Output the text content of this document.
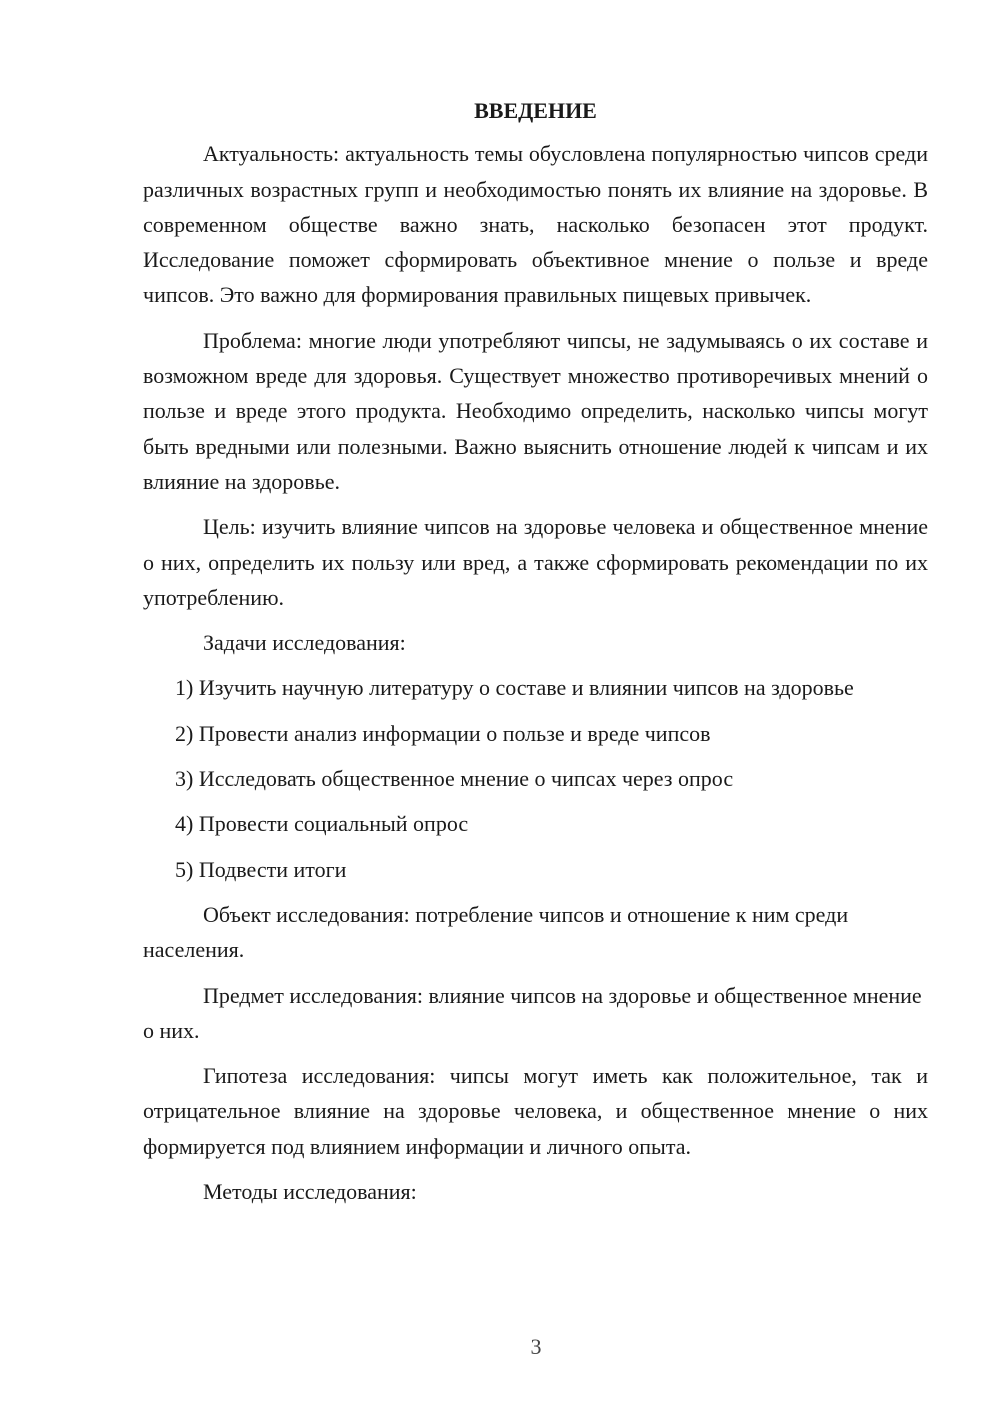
ВВЕДЕНИЕ
Актуальность: актуальность темы обусловлена популярностью чипсов среди различных возрастных групп и необходимостью понять их влияние на здоровье. В современном обществе важно знать, насколько безопасен этот продукт. Исследование поможет сформировать объективное мнение о пользе и вреде чипсов. Это важно для формирования правильных пищевых привычек.
Проблема: многие люди употребляют чипсы, не задумываясь о их составе и возможном вреде для здоровья. Существует множество противоречивых мнений о пользе и вреде этого продукта. Необходимо определить, насколько чипсы могут быть вредными или полезными. Важно выяснить отношение людей к чипсам и их влияние на здоровье.
Цель: изучить влияние чипсов на здоровье человека и общественное мнение о них, определить их пользу или вред, а также сформировать рекомендации по их употреблению.
Задачи исследования:
1) Изучить научную литературу о составе и влиянии чипсов на здоровье
2) Провести анализ информации о пользе и вреде чипсов
3) Исследовать общественное мнение о чипсах через опрос
4) Провести социальный опрос
5) Подвести итоги
Объект исследования: потребление чипсов и отношение к ним среди населения.
Предмет исследования: влияние чипсов на здоровье и общественное мнение о них.
Гипотеза исследования: чипсы могут иметь как положительное, так и отрицательное влияние на здоровье человека, и общественное мнение о них формируется под влиянием информации и личного опыта.
Методы исследования:
3
